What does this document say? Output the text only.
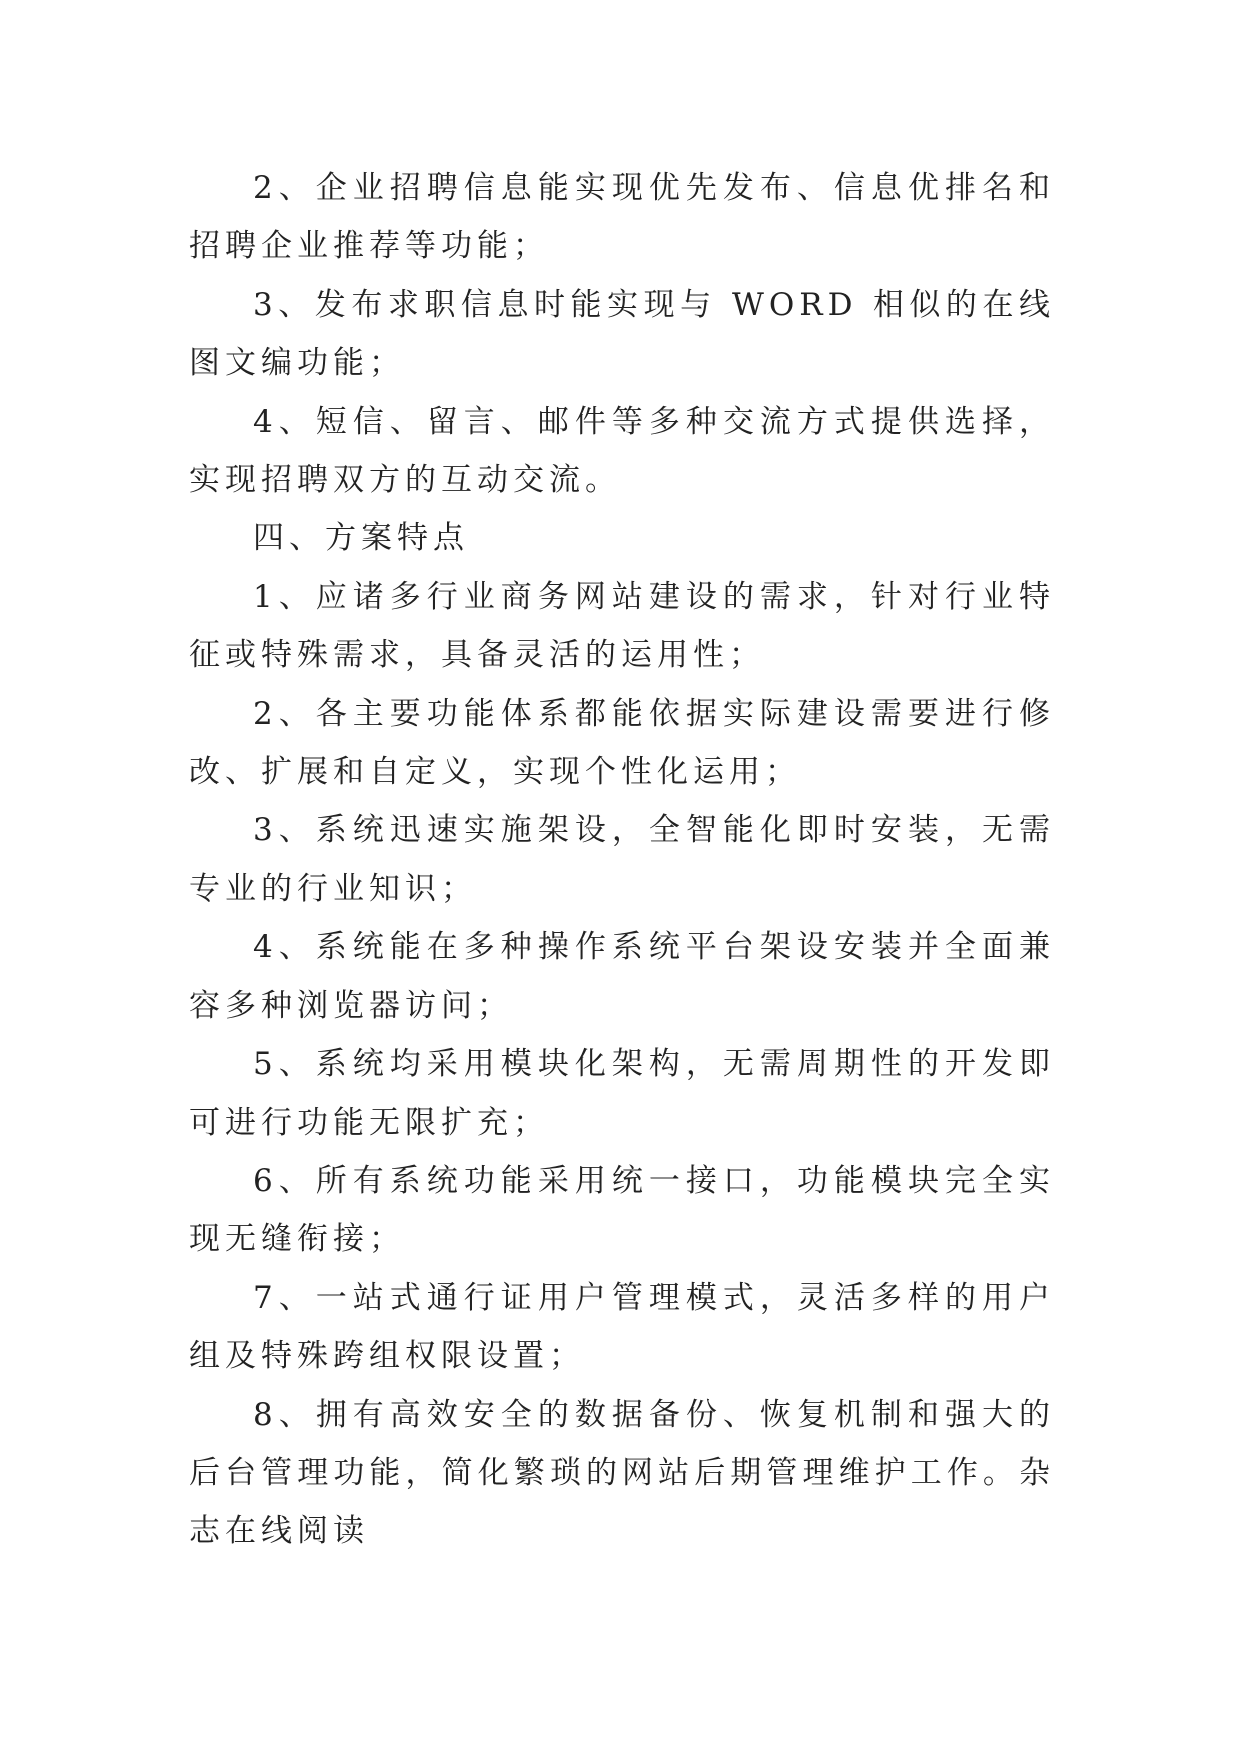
2、企业招聘信息能实现优先发布、信息优排名和招聘企业推荐等功能；

3、发布求职信息时能实现与 WORD 相似的在线图文编功能；

4、短信、留言、邮件等多种交流方式提供选择，实现招聘双方的互动交流。

四、方案特点

1、应诸多行业商务网站建设的需求，针对行业特征或特殊需求，具备灵活的运用性；

2、各主要功能体系都能依据实际建设需要进行修改、扩展和自定义，实现个性化运用；

3、系统迅速实施架设，全智能化即时安装，无需专业的行业知识；

4、系统能在多种操作系统平台架设安装并全面兼容多种浏览器访问；

5、系统均采用模块化架构，无需周期性的开发即可进行功能无限扩充；

6、所有系统功能采用统一接口，功能模块完全实现无缝衔接；

7、一站式通行证用户管理模式，灵活多样的用户组及特殊跨组权限设置；

8、拥有高效安全的数据备份、恢复机制和强大的后台管理功能，简化繁琐的网站后期管理维护工作。杂志在线阅读
